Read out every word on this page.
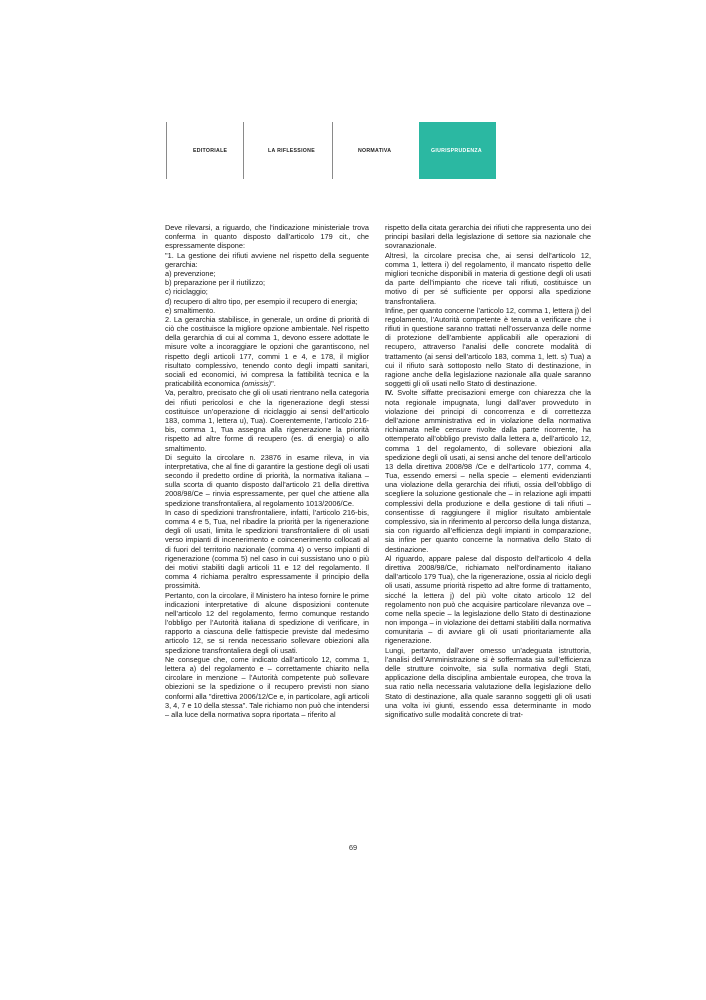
EDITORIALE	LA RIFLESSIONE	NORMATIVA	GIURISPRUDENZA

Deve rilevarsi, a riguardo, che l’indicazione ministeriale trova conferma in quanto disposto dall’articolo 179 cit., che espressamente dispone:

"1. La gestione dei rifiuti avviene nel rispetto della seguente gerarchia:

a) prevenzione;

b) preparazione per il riutilizzo;

c) riciclaggio;

d) recupero di altro tipo, per esempio il recupero di energia;

e) smaltimento.

2. La gerarchia stabilisce, in generale, un ordine di priorità di ciò che costituisce la migliore opzione ambientale. Nel rispetto della gerarchia di cui al comma 1, devono essere adottate le misure volte a incoraggiare le opzioni che garantiscono, nel rispetto degli articoli 177, commi 1 e 4, e 178, il miglior risultato complessivo, tenendo conto degli impatti sanitari, sociali ed economici, ivi compresa la fattibilità tecnica e la praticabilità economica (omissis)".

Va, peraltro, precisato che gli oli usati rientrano nella categoria dei rifiuti pericolosi e che la rigenerazione degli stessi costituisce un’operazione di riciclaggio ai sensi dell’articolo 183, comma 1, lettera u), Tua). Coerentemente, l’articolo 216-bis, comma 1, Tua assegna alla rigenerazione la priorità rispetto ad altre forme di recupero (es. di energia) o allo smaltimento.

Di seguito la circolare n. 23876 in esame rileva, in via interpretativa, che al fine di garantire la gestione degli oli usati secondo il predetto ordine di priorità, la normativa italiana – sulla scorta di quanto disposto dall’articolo 21 della direttiva 2008/98/Ce – rinvia espressamente, per quel che attiene alla spedizione transfrontaliera, al regolamento 1013/2006/Ce.

In caso di spedizioni transfrontaliere, infatti, l’articolo 216-bis, comma 4 e 5, Tua, nel ribadire la priorità per la rigenerazione degli oli usati, limita le spedizioni transfrontaliere di oli usati verso impianti di incenerimento e coincenerimento collocati al di fuori del territorio nazionale (comma 4) o verso impianti di rigenerazione (comma 5) nel caso in cui sussistano uno o più dei motivi stabiliti dagli articoli 11 e 12 del regolamento. Il comma 4 richiama peraltro espressamente il principio della prossimità.

Pertanto, con la circolare, il Ministero ha inteso fornire le prime indicazioni interpretative di alcune disposizioni contenute nell’articolo 12 del regolamento, fermo comunque restando l’obbligo per l’Autorità italiana di spedizione di verificare, in rapporto a ciascuna delle fattispecie previste dal medesimo articolo 12, se si renda necessario sollevare obiezioni alla spedizione transfrontaliera degli oli usati.

Ne consegue che, come indicato dall’articolo 12, comma 1, lettera a) del regolamento e – correttamente chiarito nella circolare in menzione – l’Autorità competente può sollevare obiezioni se la spedizione o il recupero previsti non siano conformi alla "direttiva 2006/12/Ce e, in particolare, agli articoli 3, 4, 7 e 10 della stessa". Tale richiamo non può che intendersi – alla luce della normativa sopra riportata – riferito al

rispetto della citata gerarchia dei rifiuti che rappresenta uno dei principi basilari della legislazione di settore sia nazionale che sovranazionale.

Altresì, la circolare precisa che, ai sensi dell’articolo 12, comma 1, lettera i) del regolamento, il mancato rispetto delle migliori tecniche disponibili in materia di gestione degli oli usati da parte dell’impianto che riceve tali rifiuti, costituisce un motivo di per sé sufficiente per opporsi alla spedizione transfrontaliera.

Infine, per quanto concerne l’articolo 12, comma 1, lettera j) del regolamento, l’Autorità competente è tenuta a verificare che i rifiuti in questione saranno trattati nell’osservanza delle norme di protezione dell’ambiente applicabili alle operazioni di recupero, attraverso l’analisi delle concrete modalità di trattamento (ai sensi dell’articolo 183, comma 1, lett. s) Tua) a cui il rifiuto sarà sottoposto nello Stato di destinazione, in ragione anche della legislazione nazionale alla quale saranno soggetti gli oli usati nello Stato di destinazione.

IV. Svolte siffatte precisazioni emerge con chiarezza che la nota regionale impugnata, lungi dall’aver provveduto in violazione dei principi di concorrenza e di correttezza dell’azione amministrativa ed in violazione della normativa richiamata nelle censure rivolte dalla parte ricorrente, ha ottemperato all’obbligo previsto dalla lettera a, dell’articolo 12, comma 1 del regolamento, di sollevare obiezioni alla spedizione degli oli usati, ai sensi anche del tenore dell’articolo 13 della direttiva 2008/98 /Ce e dell’articolo 177, comma 4, Tua, essendo emersi – nella specie – elementi evidenzianti una violazione della gerarchia dei rifiuti, ossia dell’obbligo di scegliere la soluzione gestionale che – in relazione agli impatti complessivi della produzione e della gestione di tali rifiuti – consentisse di raggiungere il miglior risultato ambientale complessivo, sia in riferimento al percorso della lunga distanza, sia con riguardo all’efficienza degli impianti in comparazione, sia infine per quanto concerne la normativa dello Stato di destinazione.

Al riguardo, appare palese dal disposto dell’articolo 4 della direttiva 2008/98/Ce, richiamato nell’ordinamento italiano dall’articolo 179 Tua), che la rigenerazione, ossia al riciclo degli oli usati, assume priorità rispetto ad altre forme di trattamento, sicché la lettera j) del più volte citato articolo 12 del regolamento non può che acquisire particolare rilevanza ove – come nella specie – la legislazione dello Stato di destinazione non imponga – in violazione dei dettami stabiliti dalla normativa comunitaria – di avviare gli oli usati prioritariamente alla rigenerazione.

Lungi, pertanto, dall’aver omesso un’adeguata istruttoria, l’analisi dell’Amministrazione si è soffermata sia sull’efficienza delle strutture coinvolte, sia sulla normativa degli Stati, applicazione della disciplina ambientale europea, che trova la sua ratio nella necessaria valutazione della legislazione dello Stato di destinazione, alla quale saranno soggetti gli oli usati una volta ivi giunti, essendo essa determinante in modo significativo sulle modalità concrete di trat-

69
